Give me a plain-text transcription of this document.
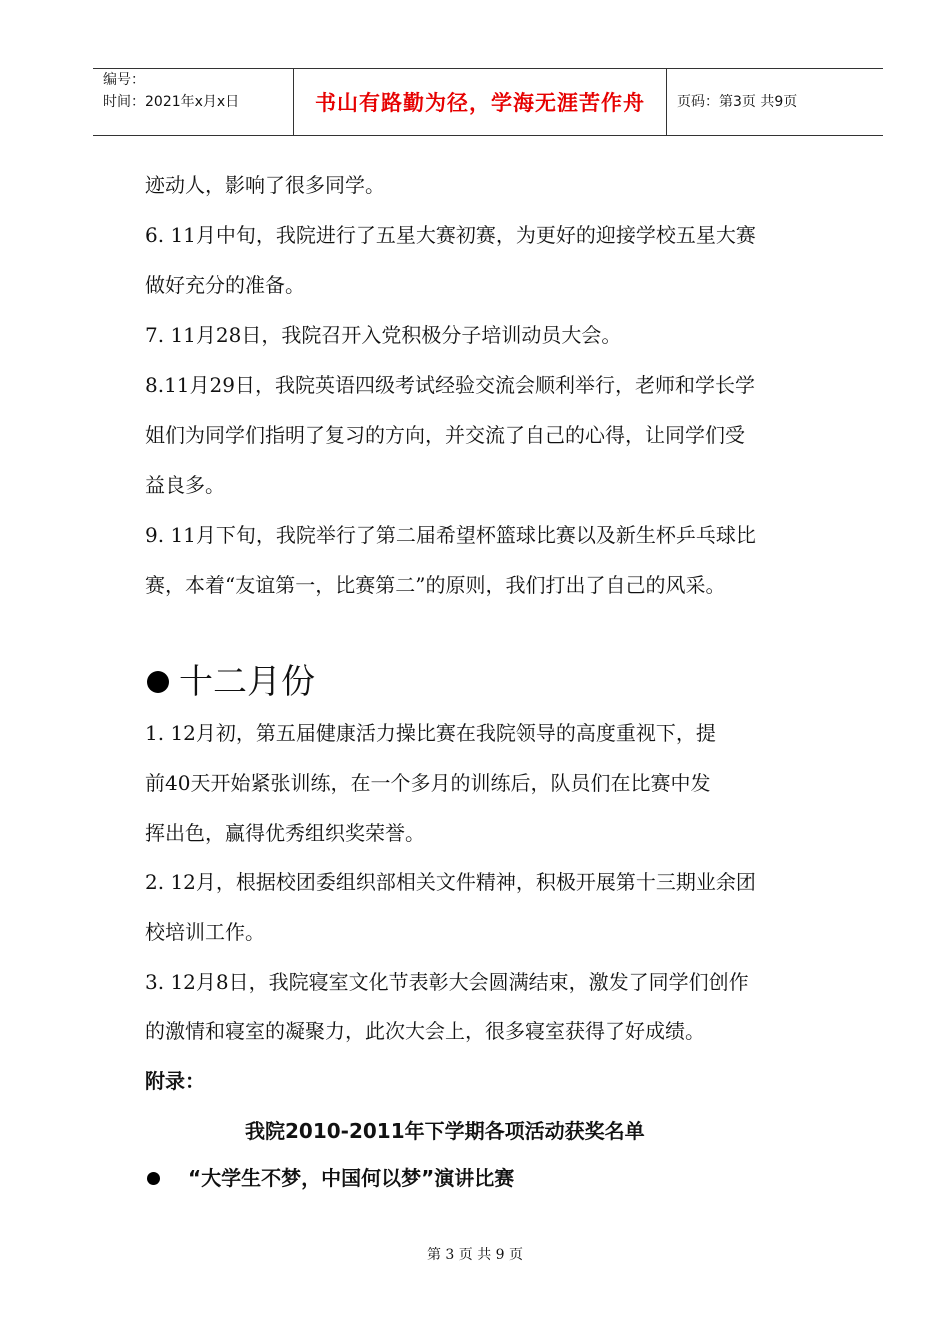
编号：
时间：2021年x月x日	书山有路勤为径，学海无涯苦作舟 页码：第3页 共9页
迹动人，影响了很多同学。
6. 11月中旬，我院进行了五星大赛初赛，为更好的迎接学校五星大赛
做好充分的准备。
7. 11月28日，我院召开入党积极分子培训动员大会。
8.11月29日，我院英语四级考试经验交流会顺利举行，老师和学长学
姐们为同学们指明了复习的方向，并交流了自己的心得，让同学们受
益良多。
9. 11月下旬，我院举行了第二届希望杯篮球比赛以及新生杯乒乓球比
赛，本着“友谊第一，比赛第二”的原则，我们打出了自己的风采。
十二月份
1. 12月初，第五届健康活力操比赛在我院领导的高度重视下，提
前40天开始紧张训练，在一个多月的训练后，队员们在比赛中发
挥出色，赢得优秀组织奖荣誉。
2. 12月，根据校团委组织部相关文件精神，积极开展第十三期业余团
校培训工作。
3. 12月8日，我院寝室文化节表彰大会圆满结束，激发了同学们创作
的激情和寝室的凝聚力，此次大会上，很多寝室获得了好成绩。
附录：
我院2010-2011年下学期各项活动获奖名单
“大学生不梦，中国何以梦”演讲比赛
第 3 页 共 9 页
